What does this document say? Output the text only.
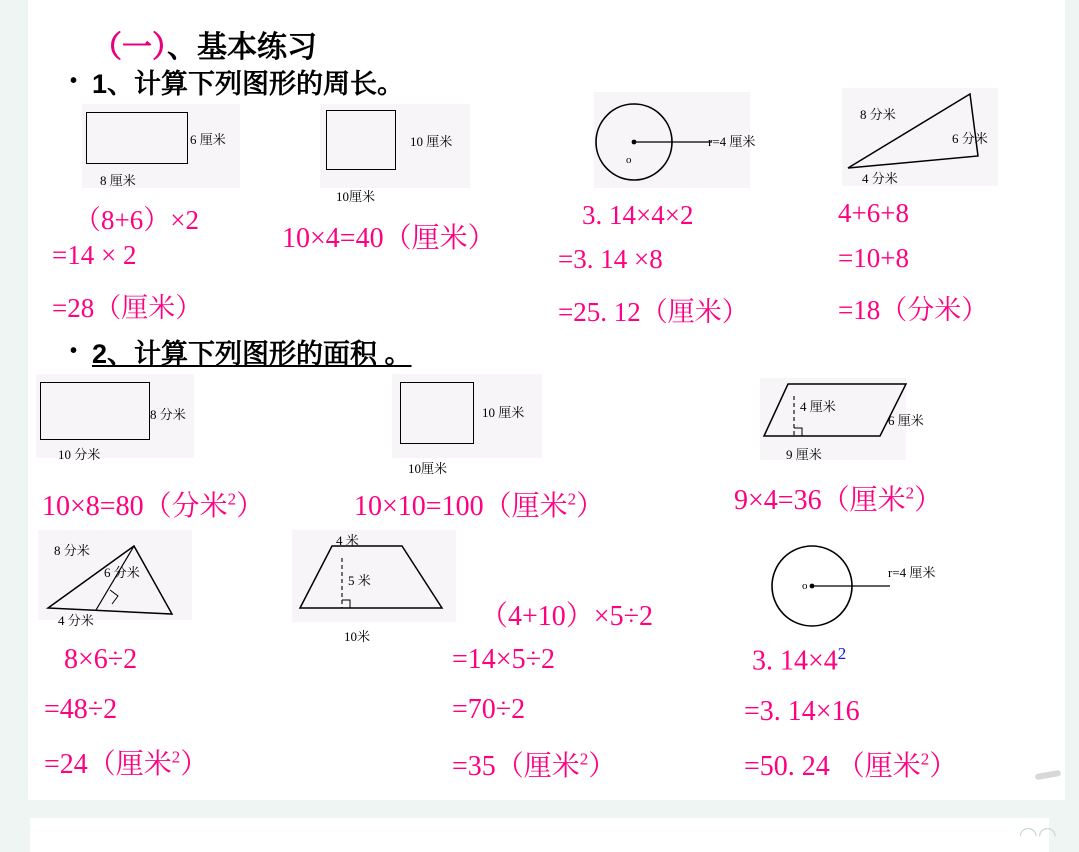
（一）、基本练习
• 1、计算下列图形的周长。
6 厘米
8 厘米
（8+6）×2
=14 × 2
=28（厘米）
10 厘米
10厘米
10×4=40（厘米）
o
r=4 厘米
3. 14×4×2
=3. 14 ×8
=25. 12（厘米）
8 分米
6 分米
4 分米
4+6+8
=10+8
=18（分米）
• 2、计算下列图形的面积 。
8 分米
10 分米
10×8=80（分米$^2$）
10 厘米
10厘米
10×10=100（厘米$^2$）
4 厘米
6 厘米
9 厘米
9×4=36（厘米$^2$）
8 分米
6 分米
4 分米
8×6÷2
=48÷2
=24（厘米$^2$）
4 米
5 米
10米
（4+10）×5÷2
=14×5÷2
=70÷2
=35（厘米$^2$）
o
r=4 厘米
3. $14\times 4^2$
=3. 14×16
=50. 24 （厘米$^2$）
◠◠
